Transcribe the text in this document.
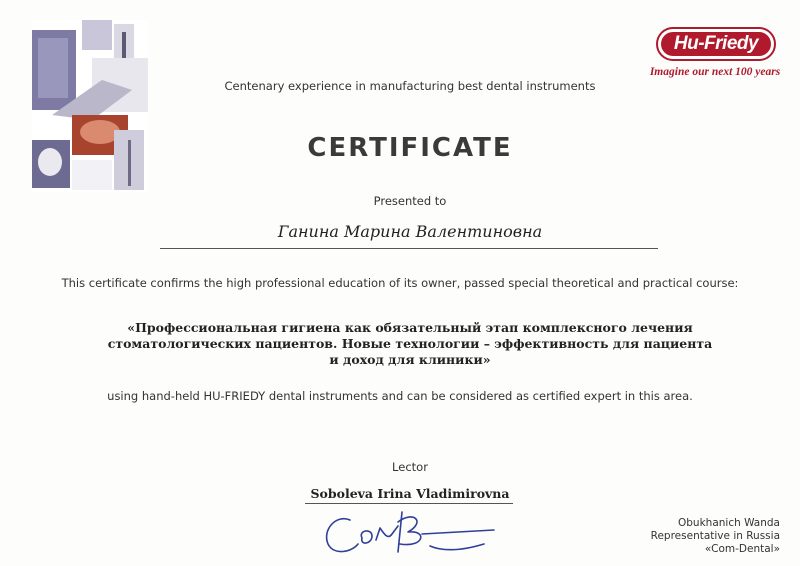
Hu-Friedy
Imagine our next 100 years
Centenary experience in manufacturing best dental instruments
CERTIFICATE
Presented to
Ганина Марина Валентиновна
This certificate confirms the high professional education of its owner, passed special theoretical and practical course:
«Профессиональная гигиена как обязательный этап комплексного лечения
стоматологических пациентов. Новые технологии – эффективность для пациента
и доход для клиники»
using hand-held HU-FRIEDY dental instruments and can be considered as certified expert in this area.
Lector
Soboleva Irina Vladimirovna
Obukhanich Wanda
Representative in Russia
«Com-Dental»
